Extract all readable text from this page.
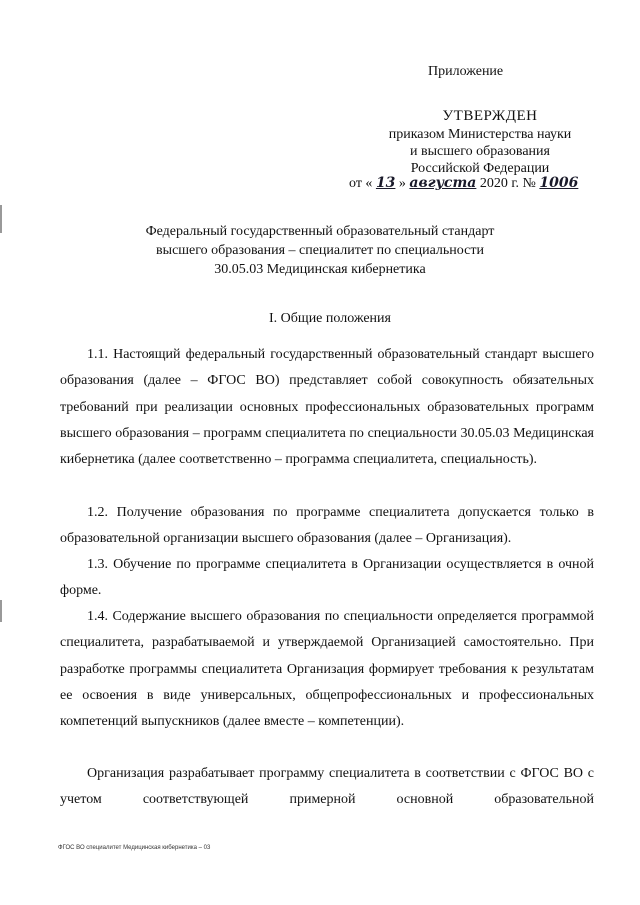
Приложение
УТВЕРЖДЕН
приказом Министерства науки
и высшего образования
Российской Федерации
от « 13 » августа 2020 г. № 1006
Федеральный государственный образовательный стандарт
высшего образования – специалитет по специальности
30.05.03 Медицинская кибернетика
I. Общие положения
1.1. Настоящий федеральный государственный образовательный стандарт высшего образования (далее – ФГОС ВО) представляет собой совокупность обязательных требований при реализации основных профессиональных образовательных программ высшего образования – программ специалитета по специальности 30.05.03 Медицинская кибернетика (далее соответственно – программа специалитета, специальность).
1.2. Получение образования по программе специалитета допускается только в образовательной организации высшего образования (далее – Организация).
1.3. Обучение по программе специалитета в Организации осуществляется в очной форме.
1.4. Содержание высшего образования по специальности определяется программой специалитета, разрабатываемой и утверждаемой Организацией самостоятельно. При разработке программы специалитета Организация формирует требования к результатам ее освоения в виде универсальных, общепрофессиональных и профессиональных компетенций выпускников (далее вместе – компетенции).
Организация разрабатывает программу специалитета в соответствии с ФГОС ВО с учетом соответствующей примерной основной образовательной
ФГОС ВО специалитет Медицинская кибернетика – 03
